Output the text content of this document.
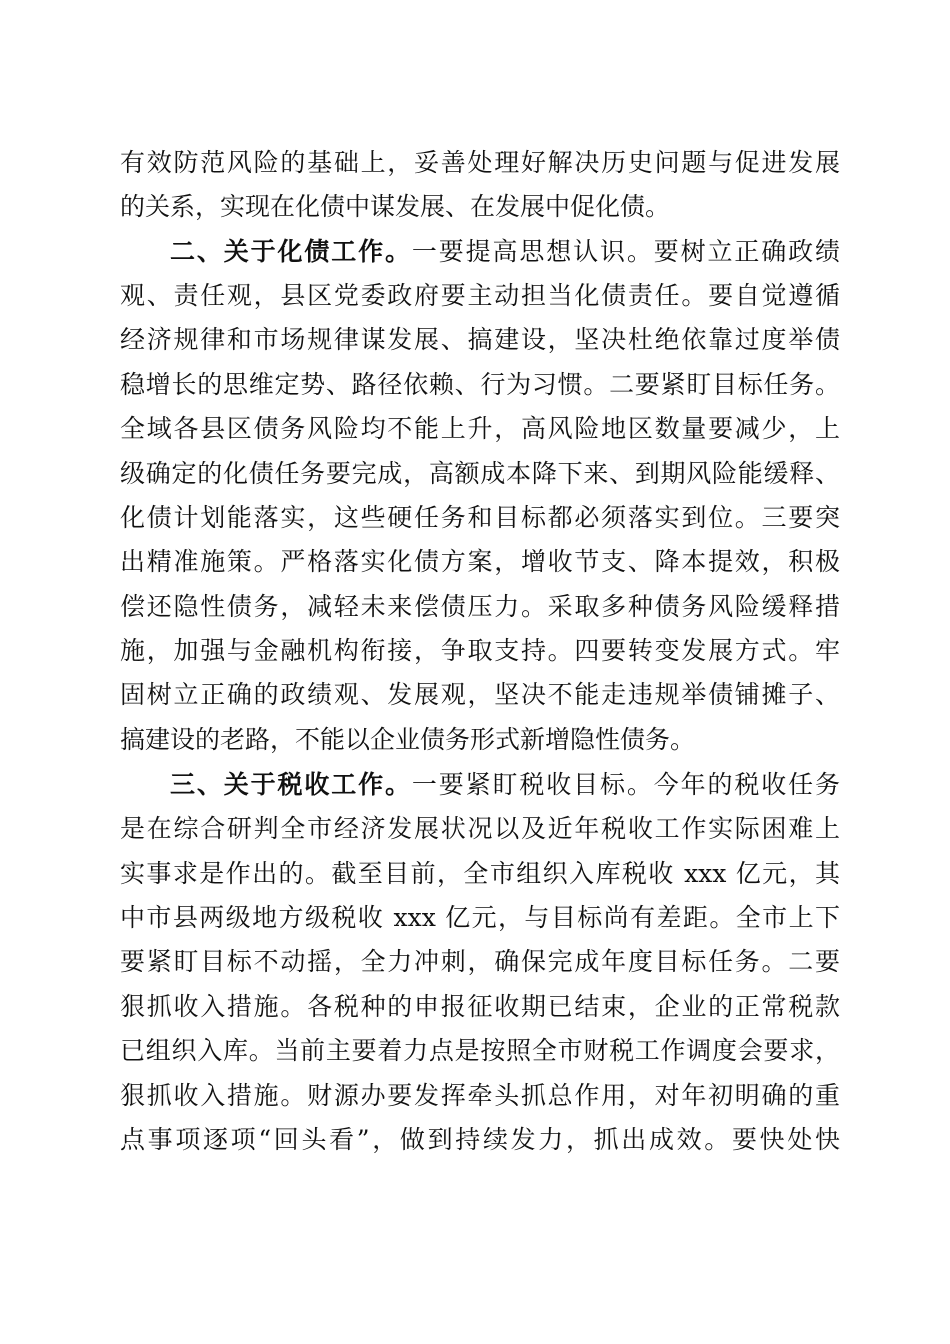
有效防范风险的基础上，妥善处理好解决历史问题与促进发展
的关系，实现在化债中谋发展、在发展中促化债。
二、关于化债工作。一要提高思想认识。要树立正确政绩
观、责任观，县区党委政府要主动担当化债责任。要自觉遵循
经济规律和市场规律谋发展、搞建设，坚决杜绝依靠过度举债
稳增长的思维定势、路径依赖、行为习惯。二要紧盯目标任务。
全域各县区债务风险均不能上升，高风险地区数量要减少，上
级确定的化债任务要完成，高额成本降下来、到期风险能缓释、
化债计划能落实，这些硬任务和目标都必须落实到位。三要突
出精准施策。严格落实化债方案，增收节支、降本提效，积极
偿还隐性债务，减轻未来偿债压力。采取多种债务风险缓释措
施，加强与金融机构衔接，争取支持。四要转变发展方式。牢
固树立正确的政绩观、发展观，坚决不能走违规举债铺摊子、
搞建设的老路，不能以企业债务形式新增隐性债务。
三、关于税收工作。一要紧盯税收目标。今年的税收任务
是在综合研判全市经济发展状况以及近年税收工作实际困难上
实事求是作出的。截至目前，全市组织入库税收 xxx 亿元，其
中市县两级地方级税收 xxx 亿元，与目标尚有差距。全市上下
要紧盯目标不动摇，全力冲刺，确保完成年度目标任务。二要
狠抓收入措施。各税种的申报征收期已结束，企业的正常税款
已组织入库。当前主要着力点是按照全市财税工作调度会要求，
狠抓收入措施。财源办要发挥牵头抓总作用，对年初明确的重
点事项逐项“回头看”，做到持续发力，抓出成效。要快处快
